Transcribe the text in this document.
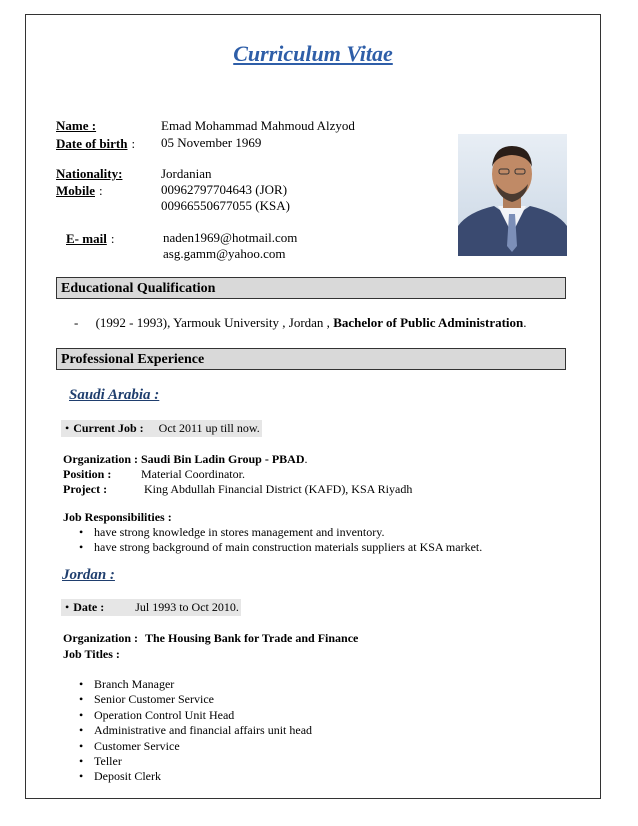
Curriculum Vitae
Name :	Emad Mohammad Mahmoud Alzyod
Date of birth : 05 November 1969
Nationality:	Jordanian
Mobile :	00962797704643 (JOR)
00966550677055 (KSA)
E- mail :	naden1969@hotmail.com
asg.gamm@yahoo.com
Educational Qualification
- (1992 - 1993), Yarmouk University , Jordan , Bachelor of Public Administration.
Professional Experience
Saudi Arabia :
• Current Job : Oct 2011 up till now.
Organization : Saudi Bin Ladin Group - PBAD.
Position : Material Coordinator.
Project :	King Abdullah Financial District (KAFD), KSA Riyadh
Job Responsibilities :
• have strong knowledge in stores management and inventory.
• have strong background of main construction materials suppliers at KSA market.
Jordan :
• Date :	Jul 1993 to Oct 2010.
Organization : The Housing Bank for Trade and Finance
Job Titles :
• Branch Manager
• Senior Customer Service
• Operation Control Unit Head
• Administrative and financial affairs unit head
• Customer Service
• Teller
• Deposit Clerk
